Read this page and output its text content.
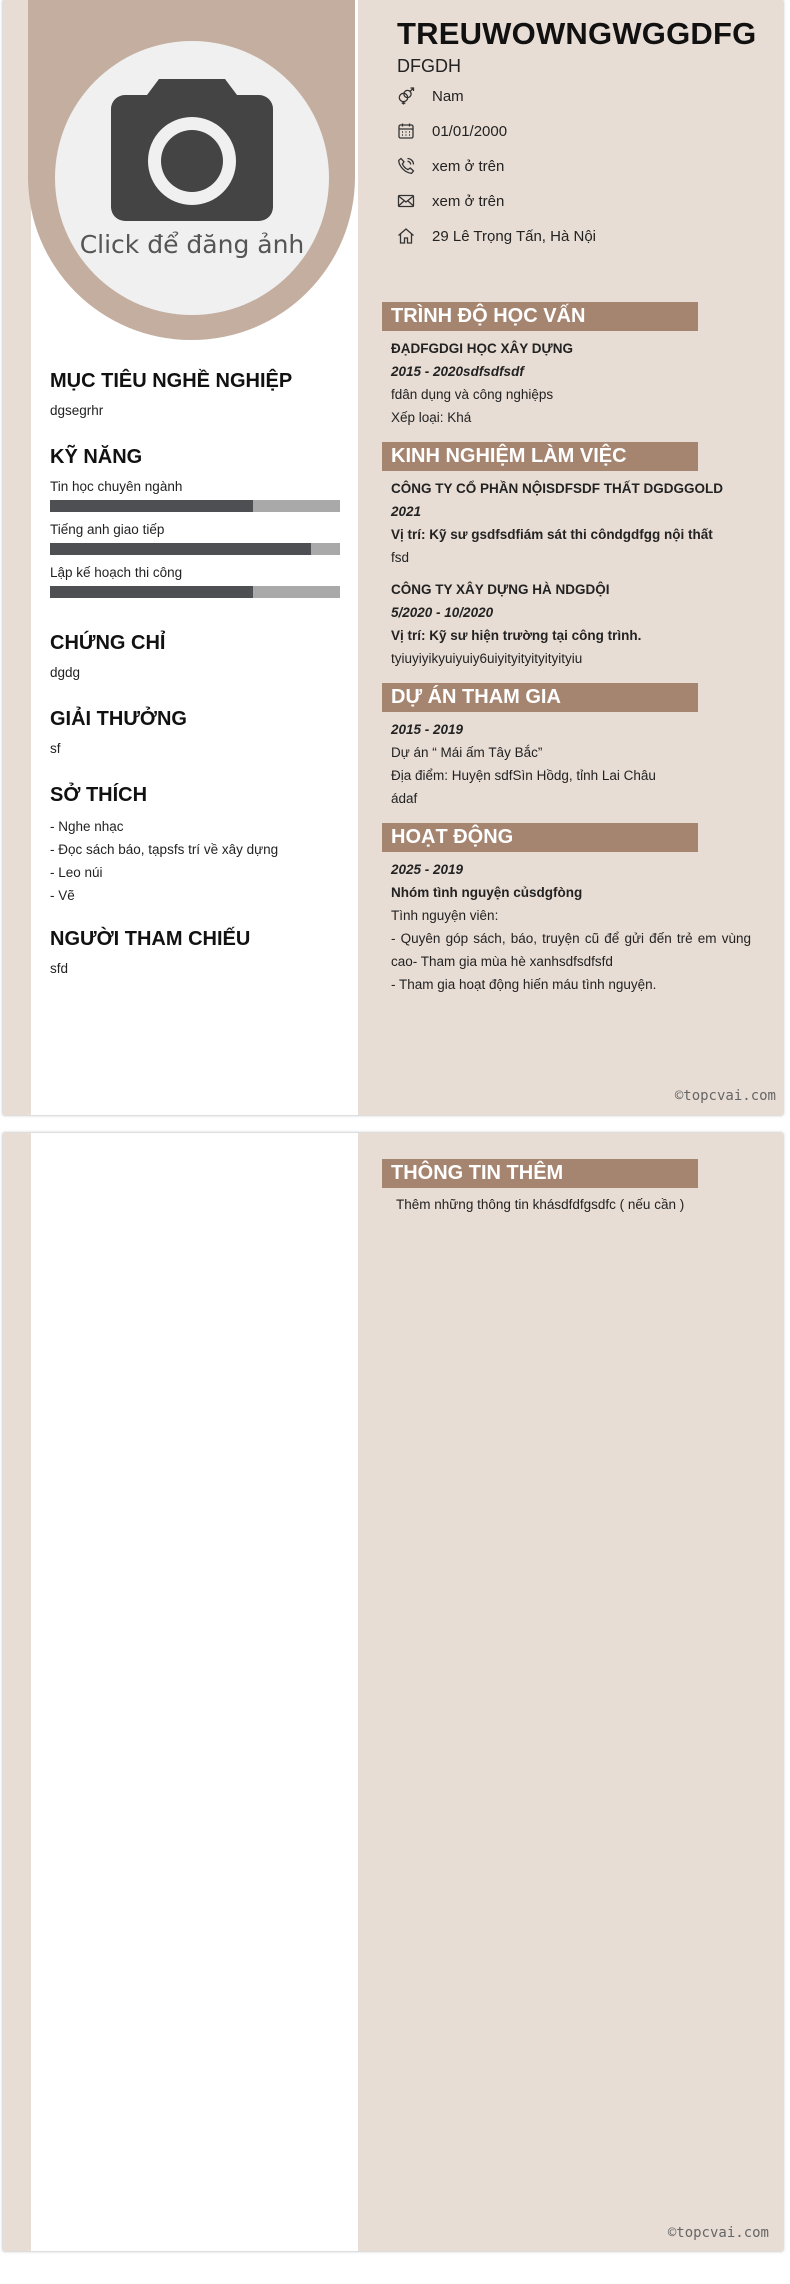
Click để đăng ảnh
TREUWOWNGWGGDFG
DFGDH
Nam
01/01/2000
xem ở trên
xem ở trên
29 Lê Trọng Tấn, Hà Nội
MỤC TIÊU NGHỀ NGHIỆP
dgsegrhr
KỸ NĂNG
Tin học chuyên ngành
Tiếng anh giao tiếp
Lập kế hoạch thi công
CHỨNG CHỈ
dgdg
GIẢI THƯỞNG
sf
SỞ THÍCH
- Nghe nhạc
- Đọc sách báo, tạpsfs trí về xây dựng
- Leo núi
- Vẽ
NGƯỜI THAM CHIẾU
sfd
TRÌNH ĐỘ HỌC VẤN
ĐẠDFGDGI HỌC XÂY DỰNG
2015 - 2020sdfsdfsdf
fdân dụng và công nghiệps
Xếp loại: Khá
KINH NGHIỆM LÀM VIỆC
CÔNG TY CỔ PHẦN NỘISDFSDF THẤT DGDGGOLD
2021
Vị trí: Kỹ sư gsdfsdfiám sát thi côndgdfgg nội thất
fsd
CÔNG TY XÂY DỰNG HÀ NDGDỘI
5/2020 - 10/2020
Vị trí: Kỹ sư hiện trường tại công trình.
tyiuyiyikyuiyuiy6uiyityityityityityiu
DỰ ÁN THAM GIA
2015 - 2019
Dự án “ Mái ấm Tây Bắc”
Địa điểm: Huyện sdfSìn Hồdg, tỉnh Lai Châu
ádaf
HOẠT ĐỘNG
2025 - 2019
Nhóm tình nguyện củsdgfòng
Tình nguyện viên:
- Quyên góp sách, báo, truyện cũ để gửi đến trẻ em vùng cao- Tham gia mùa hè xanhsdfsdfsfd
- Tham gia hoạt động hiến máu tình nguyện.
©topcvai.com
©topcvai.com
THÔNG TIN THÊM
Thêm những thông tin khásdfdfgsdfc ( nếu cần )
